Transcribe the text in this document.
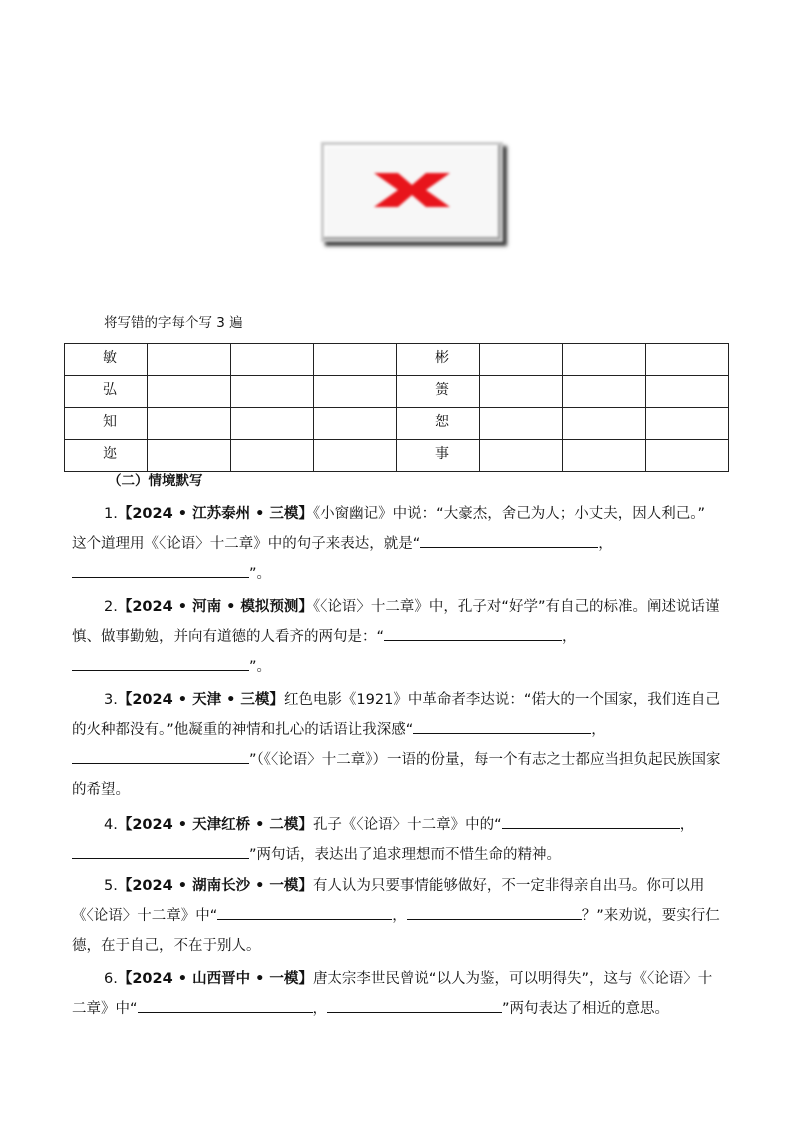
将写错的字每个写 3 遍
敏				彬			
弘				箦			
知				恕			
迩				事			
（二）情境默写

1.【2024 • 江苏泰州 • 三模】《小窗幽记》中说：“大豪杰，舍己为人；小丈夫，因人利己。” 这个道理用《〈论语〉十二章》中的句子来表达，就是“	，”。

2.【2024 • 河南 • 模拟预测】《〈论语〉十二章》中，孔子对“好学”有自己的标准。阐述说话谨慎、做事勤勉，并向有道德的人看齐的两句是：“	，”。

3.【2024 • 天津 • 三模】红色电影《1921》中革命者李达说：“偌大的一个国家，我们连自己的火种都没有。”他凝重的神情和扎心的话语让我深感“	，”（《〈论语〉十二章》）一语的份量，每一个有志之士都应当担负起民族国家的希望。

4.【2024 • 天津红桥 • 二模】孔子《〈论语〉十二章》中的“	，”两句话，表达出了追求理想而不惜生命的精神。

5.【2024 • 湖南长沙 • 一模】有人认为只要事情能够做好，不一定非得亲自出马。你可以用《〈论语〉十二章》中“	，	？”来劝说，要实行仁德，在于自己，不在于别人。

6.【2024 • 山西晋中 • 一模】唐太宗李世民曾说“以人为鉴，可以明得失”，这与《〈论语〉十二章》中“	，	”两句表达了相近的意思。
